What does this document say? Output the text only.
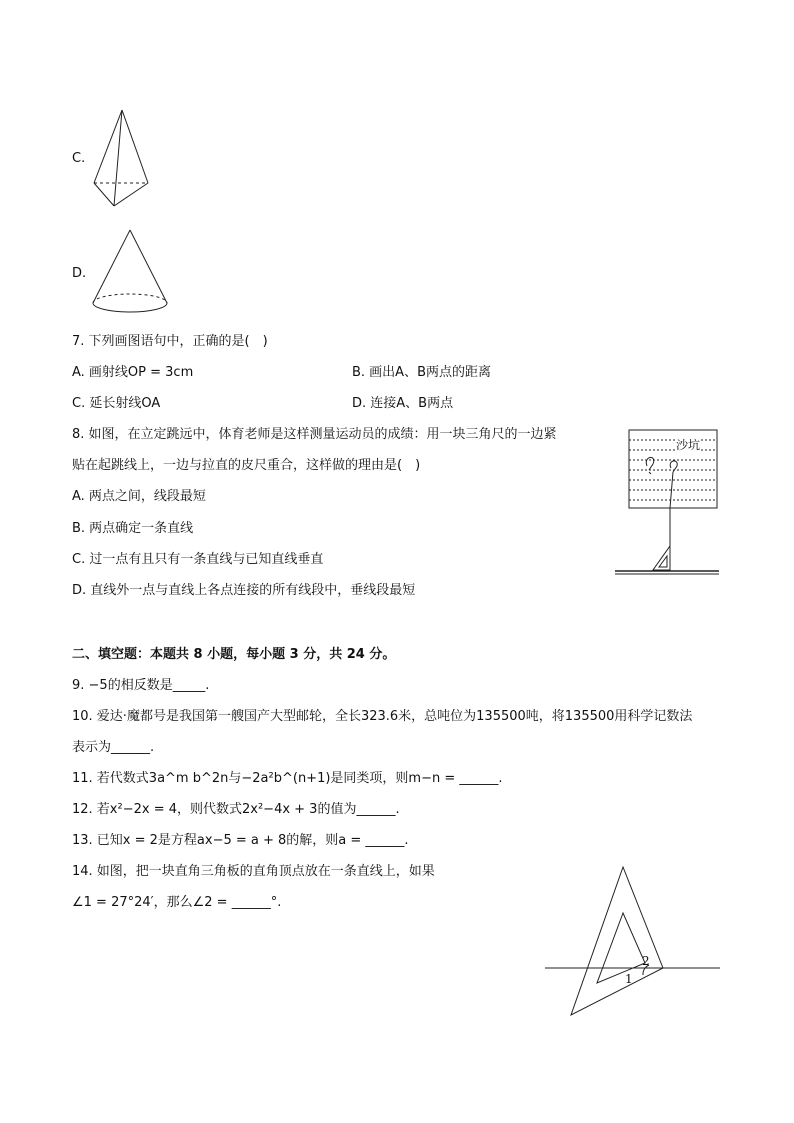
C.
D.
7. 下列画图语句中，正确的是(　)
A. 画射线OP = 3cm	B. 画出A、B两点的距离
C. 延长射线OA	D. 连接A、B两点
8. 如图，在立定跳远中，体育老师是这样测量运动员的成绩：用一块三角尺的一边紧
贴在起跳线上，一边与拉直的皮尺重合，这样做的理由是(　)
A. 两点之间，线段最短
B. 两点确定一条直线
C. 过一点有且只有一条直线与已知直线垂直
D. 直线外一点与直线上各点连接的所有线段中，垂线段最短
沙坑
二、填空题：本题共 8 小题，每小题 3 分，共 24 分。
9. −5的相反数是_____.
10. 爱达·魔都号是我国第一艘国产大型邮轮，全长323.6米，总吨位为135500吨，将135500用科学记数法
表示为______.
11. 若代数式3a^m b^2n与−2a²b^(n+1)是同类项，则m−n = ______.
12. 若x²−2x = 4，则代数式2x²−4x + 3的值为______.
13. 已知x = 2是方程ax−5 = a + 8的解，则a = ______.
14. 如图，把一块直角三角板的直角顶点放在一条直线上，如果
∠1 = 27°24′，那么∠2 = ______°.
1
2
